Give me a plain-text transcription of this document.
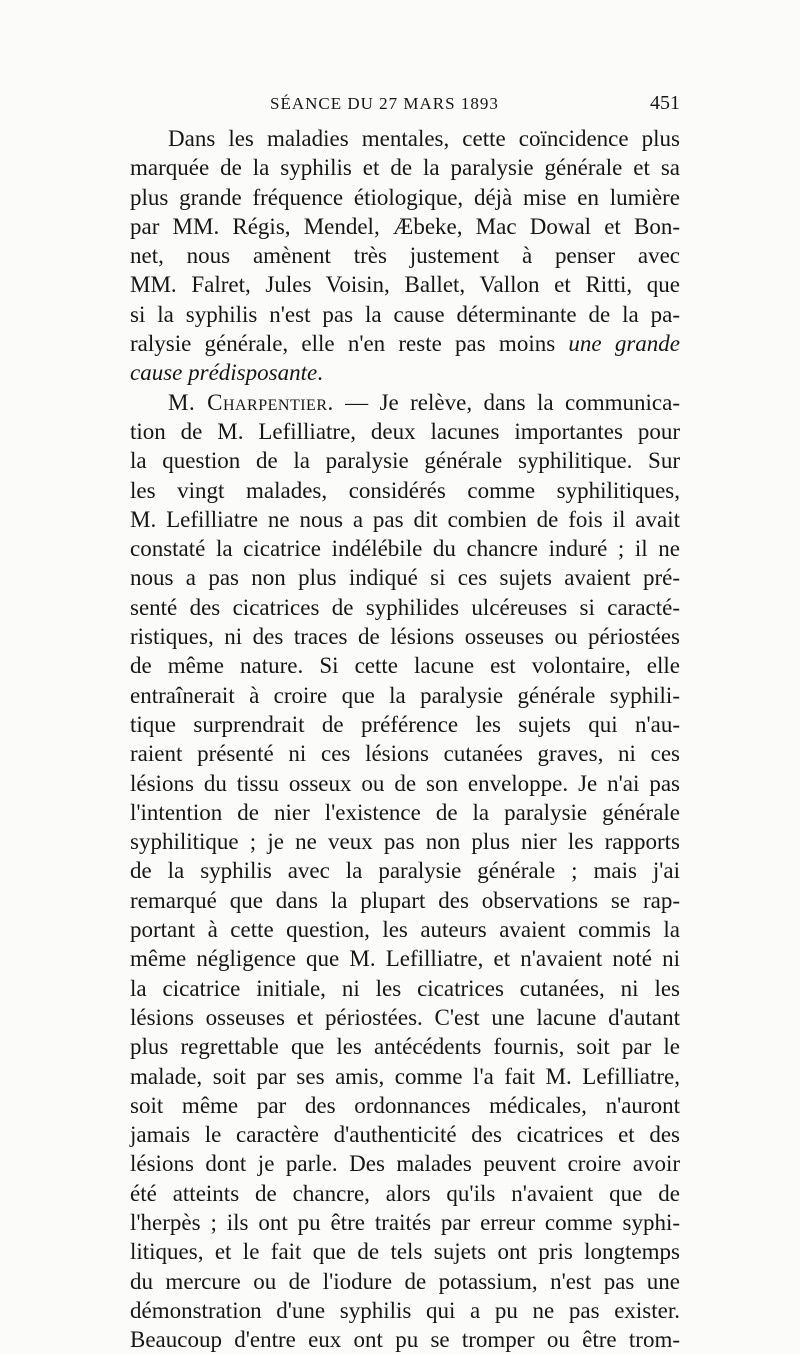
SÉANCE DU 27 MARS 1893	451

Dans les maladies mentales, cette coïncidence plus
marquée de la syphilis et de la paralysie générale et sa
plus grande fréquence étiologique, déjà mise en lumière
par MM. Régis, Mendel, Æbeke, Mac Dowal et Bon-
net, nous amènent très justement à penser avec
MM. Falret, Jules Voisin, Ballet, Vallon et Ritti, que
si la syphilis n'est pas la cause déterminante de la pa-
ralysie générale, elle n'en reste pas moins une grande
cause prédisposante.

M. Charpentier. — Je relève, dans la communica-
tion de M. Lefilliatre, deux lacunes importantes pour
la question de la paralysie générale syphilitique. Sur
les vingt malades, considérés comme syphilitiques,
M. Lefilliatre ne nous a pas dit combien de fois il avait
constaté la cicatrice indélébile du chancre induré ; il ne
nous a pas non plus indiqué si ces sujets avaient pré-
senté des cicatrices de syphilides ulcéreuses si caracté-
ristiques, ni des traces de lésions osseuses ou périostées
de même nature. Si cette lacune est volontaire, elle
entraînerait à croire que la paralysie générale syphili-
tique surprendrait de préférence les sujets qui n'au-
raient présenté ni ces lésions cutanées graves, ni ces
lésions du tissu osseux ou de son enveloppe. Je n'ai pas
l'intention de nier l'existence de la paralysie générale
syphilitique ; je ne veux pas non plus nier les rapports
de la syphilis avec la paralysie générale ; mais j'ai
remarqué que dans la plupart des observations se rap-
portant à cette question, les auteurs avaient commis la
même négligence que M. Lefilliatre, et n'avaient noté ni
la cicatrice initiale, ni les cicatrices cutanées, ni les
lésions osseuses et périostées. C'est une lacune d'autant
plus regrettable que les antécédents fournis, soit par le
malade, soit par ses amis, comme l'a fait M. Lefilliatre,
soit même par des ordonnances médicales, n'auront
jamais le caractère d'authenticité des cicatrices et des
lésions dont je parle. Des malades peuvent croire avoir
été atteints de chancre, alors qu'ils n'avaient que de
l'herpès ; ils ont pu être traités par erreur comme syphi-
litiques, et le fait que de tels sujets ont pris longtemps
du mercure ou de l'iodure de potassium, n'est pas une
démonstration d'une syphilis qui a pu ne pas exister.
Beaucoup d'entre eux ont pu se tromper ou être trom-
